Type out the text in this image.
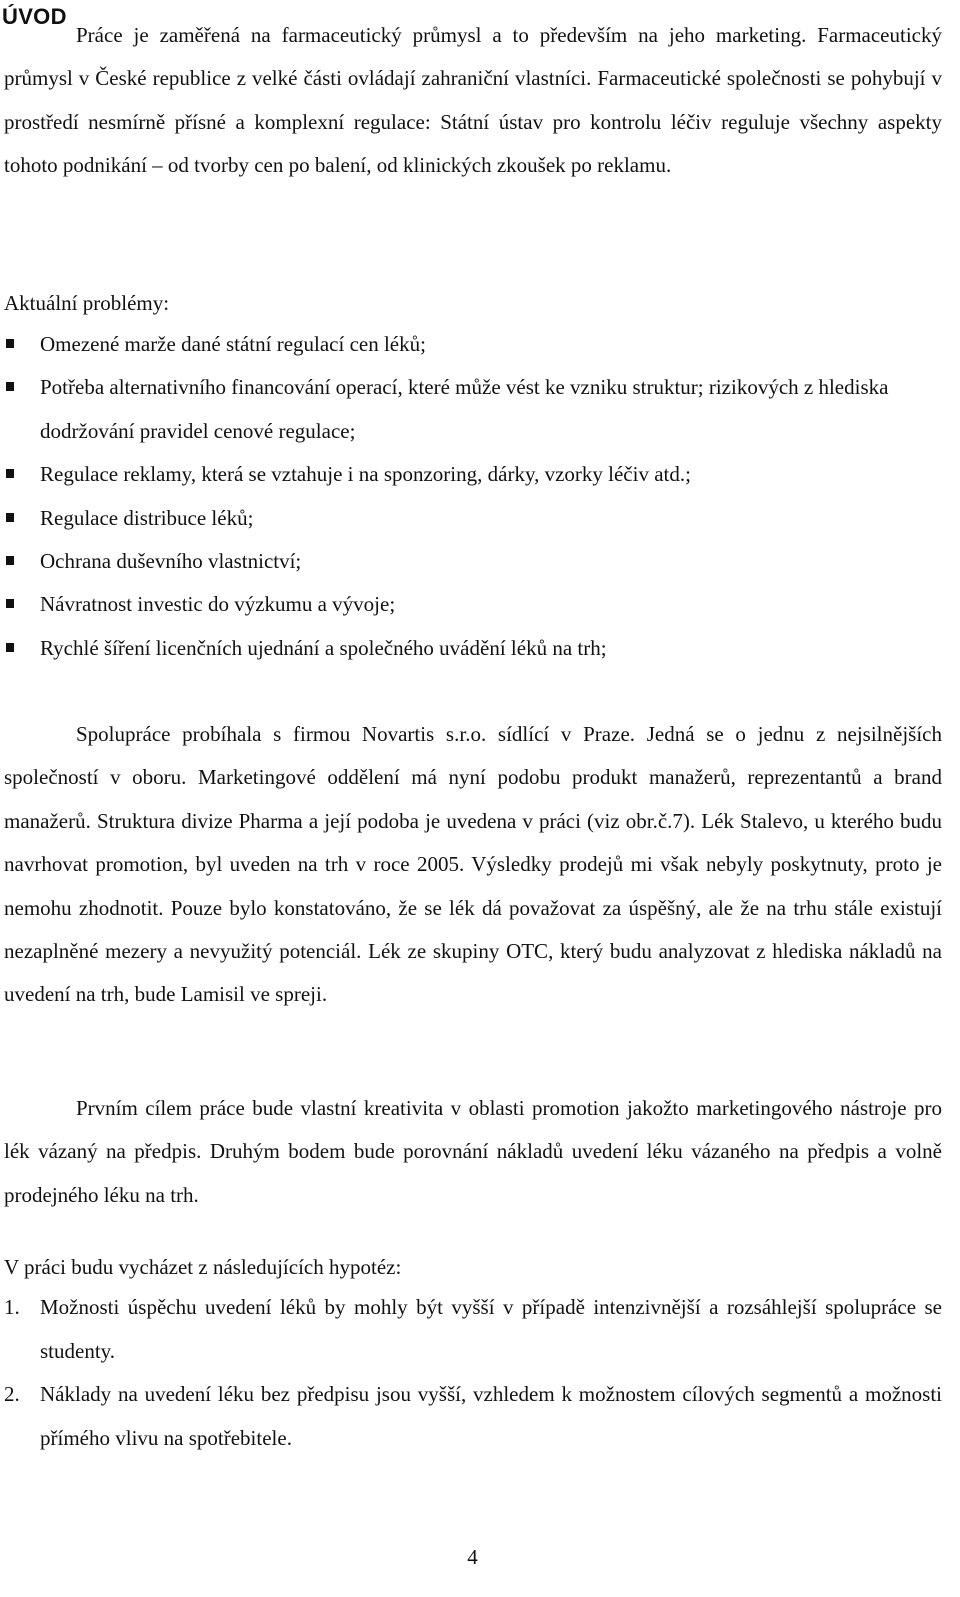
ÚVOD

Práce je zaměřená na farmaceutický průmysl a to především na jeho marketing. Farmaceutický průmysl v České republice z velké části ovládají zahraniční vlastníci. Farmaceutické společnosti se pohybují v prostředí nesmírně přísné a komplexní regulace: Státní ústav pro kontrolu léčiv reguluje všechny aspekty tohoto podnikání – od tvorby cen po balení, od klinických zkoušek po reklamu.

Aktuální problémy:
Omezené marže dané státní regulací cen léků;
Potřeba alternativního financování operací, které může vést ke vzniku struktur; rizikových z hlediska dodržování pravidel cenové regulace;
Regulace reklamy, která se vztahuje i na sponzoring, dárky, vzorky léčiv atd.;
Regulace distribuce léků;
Ochrana duševního vlastnictví;
Návratnost investic do výzkumu a vývoje;
Rychlé šíření licenčních ujednání a společného uvádění léků na trh;

Spolupráce probíhala s firmou Novartis s.r.o. sídlící v Praze. Jedná se o jednu z nejsilnějších společností v oboru. Marketingové oddělení má nyní podobu produkt manažerů, reprezentantů a brand manažerů. Struktura divize Pharma a její podoba je uvedena v práci (viz obr.č.7). Lék Stalevo, u kterého budu navrhovat promotion, byl uveden na trh v roce 2005. Výsledky prodejů mi však nebyly poskytnuty, proto je nemohu zhodnotit. Pouze bylo konstatováno, že se lék dá považovat za úspěšný, ale že na trhu stále existují nezaplněné mezery a nevyužitý potenciál. Lék ze skupiny OTC, který budu analyzovat z hlediska nákladů na uvedení na trh, bude Lamisil ve spreji.

Prvním cílem práce bude vlastní kreativita v oblasti promotion jakožto marketingového nástroje pro lék vázaný na předpis. Druhým bodem bude porovnání nákladů uvedení léku vázaného na předpis a volně prodejného léku na trh.

V práci budu vycházet z následujících hypotéz:
1. Možnosti úspěchu uvedení léků by mohly být vyšší v případě intenzivnější a rozsáhlejší spolupráce se studenty.
2. Náklady na uvedení léku bez předpisu jsou vyšší, vzhledem k možnostem cílových segmentů a možnosti přímého vlivu na spotřebitele.
4
